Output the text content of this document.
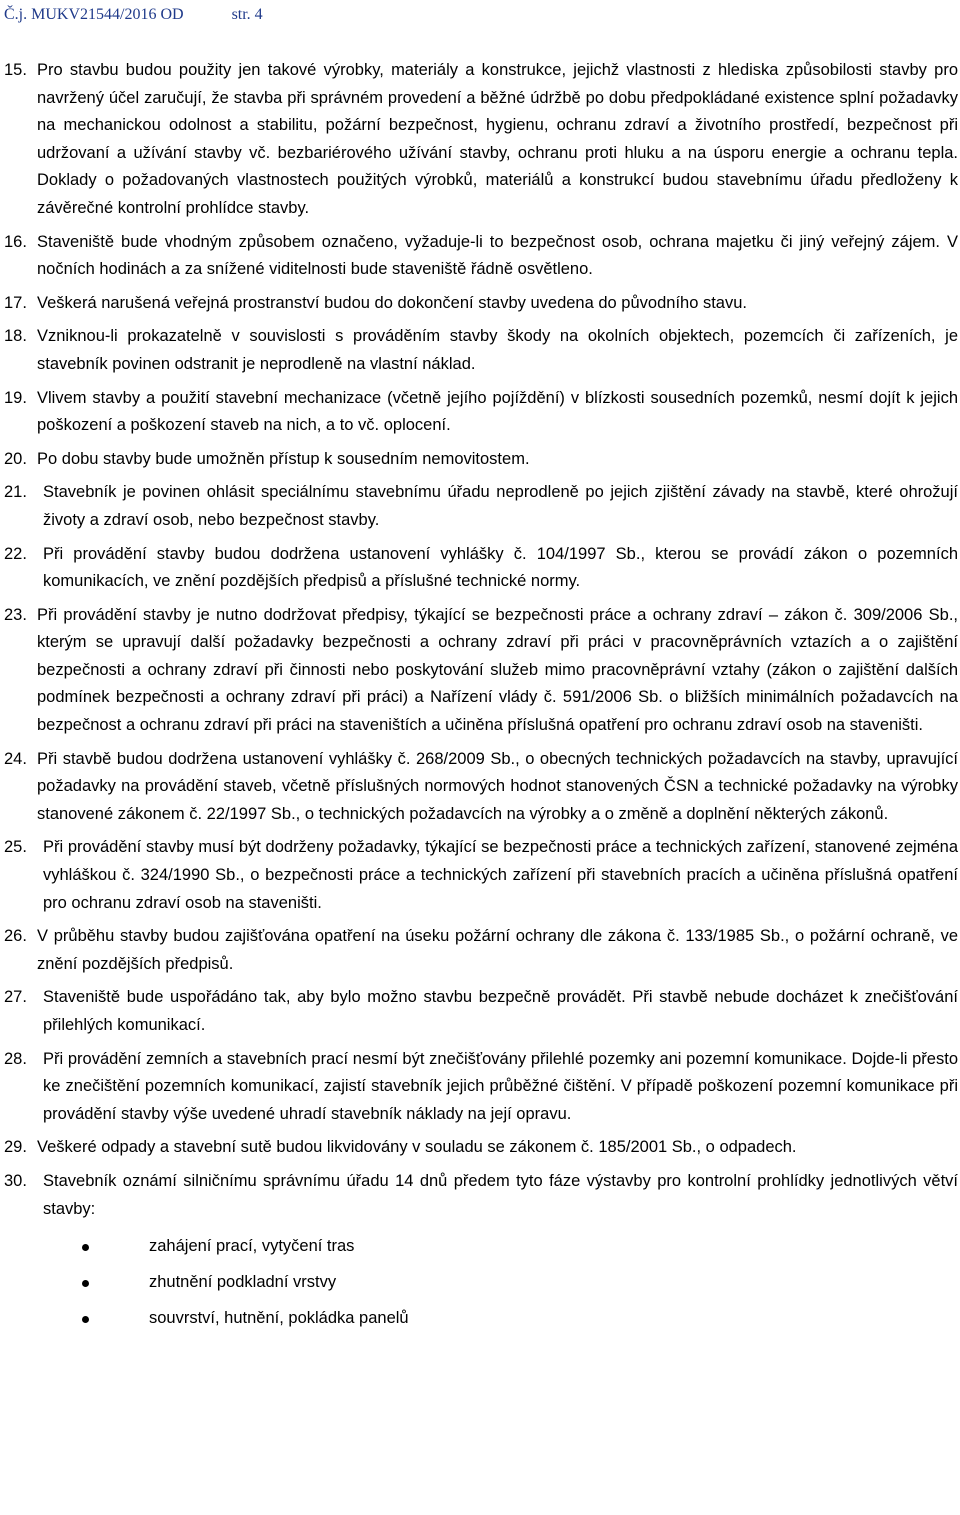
Č.j. MUKV21544/2016 OD	str. 4
15. Pro stavbu budou použity jen takové výrobky, materiály a konstrukce, jejichž vlastnosti z hlediska způsobilosti stavby pro navržený účel zaručují, že stavba při správném provedení a běžné údržbě po dobu předpokládané existence splní požadavky na mechanickou odolnost a stabilitu, požární bezpečnost, hygienu, ochranu zdraví a životního prostředí, bezpečnost při udržovaní a užívání stavby vč. bezbariérového užívání stavby, ochranu proti hluku a na úsporu energie a ochranu tepla. Doklady o požadovaných vlastnostech použitých výrobků, materiálů a konstrukcí budou stavebnímu úřadu předloženy k závěrečné kontrolní prohlídce stavby.
16. Staveniště bude vhodným způsobem označeno, vyžaduje-li to bezpečnost osob, ochrana majetku či jiný veřejný zájem. V nočních hodinách a za snížené viditelnosti bude staveniště řádně osvětleno.
17. Veškerá narušená veřejná prostranství budou do dokončení stavby uvedena do původního stavu.
18. Vzniknou-li prokazatelně v souvislosti s prováděním stavby škody na okolních objektech, pozemcích či zařízeních, je stavebník povinen odstranit je neprodleně na vlastní náklad.
19. Vlivem stavby a použití stavební mechanizace (včetně jejího pojíždění) v blízkosti sousedních pozemků, nesmí dojít k jejich poškození a poškození staveb na nich, a to vč. oplocení.
20. Po dobu stavby bude umožněn přístup k sousedním nemovitostem.
21. Stavebník je povinen ohlásit speciálnímu stavebnímu úřadu neprodleně po jejich zjištění závady na stavbě, které ohrožují životy a zdraví osob, nebo bezpečnost stavby.
22. Při provádění stavby budou dodržena ustanovení vyhlášky č. 104/1997 Sb., kterou se provádí zákon o pozemních komunikacích, ve znění pozdějších předpisů a příslušné technické normy.
23. Při provádění stavby je nutno dodržovat předpisy, týkající se bezpečnosti práce a ochrany zdraví – zákon č. 309/2006 Sb., kterým se upravují další požadavky bezpečnosti a ochrany zdraví při práci v pracovněprávních vztazích a o zajištění bezpečnosti a ochrany zdraví při činnosti nebo poskytování služeb mimo pracovněprávní vztahy (zákon o zajištění dalších podmínek bezpečnosti a ochrany zdraví při práci) a Nařízení vlády č. 591/2006 Sb. o bližších minimálních požadavcích na bezpečnost a ochranu zdraví při práci na staveništích a učiněna příslušná opatření pro ochranu zdraví osob na staveništi.
24. Při stavbě budou dodržena ustanovení vyhlášky č. 268/2009 Sb., o obecných technických požadavcích na stavby, upravující požadavky na provádění staveb, včetně příslušných normových hodnot stanovených ČSN a technické požadavky na výrobky stanovené zákonem č. 22/1997 Sb., o technických požadavcích na výrobky a o změně a doplnění některých zákonů.
25. Při provádění stavby musí být dodrženy požadavky, týkající se bezpečnosti práce a technických zařízení, stanovené zejména vyhláškou č. 324/1990 Sb., o bezpečnosti práce a technických zařízení při stavebních pracích a učiněna příslušná opatření pro ochranu zdraví osob na staveništi.
26. V průběhu stavby budou zajišťována opatření na úseku požární ochrany dle zákona č. 133/1985 Sb., o požární ochraně, ve znění pozdějších předpisů.
27. Staveniště bude uspořádáno tak, aby bylo možno stavbu bezpečně provádět. Při stavbě nebude docházet k znečišťování přilehlých komunikací.
28. Při provádění zemních a stavebních prací nesmí být znečišťovány přilehlé pozemky ani pozemní komunikace. Dojde-li přesto ke znečištění pozemních komunikací, zajistí stavebník jejich průběžné čištění. V případě poškození pozemní komunikace při provádění stavby výše uvedené uhradí stavebník náklady na její opravu.
29. Veškeré odpady a stavební sutě budou likvidovány v souladu se zákonem č. 185/2001 Sb., o odpadech.
30. Stavebník oznámí silničnímu správnímu úřadu 14 dnů předem tyto fáze výstavby pro kontrolní prohlídky jednotlivých větví stavby:
zahájení prací, vytyčení tras
zhutnění podkladní vrstvy
souvrství, hutnění, pokládka panelů
